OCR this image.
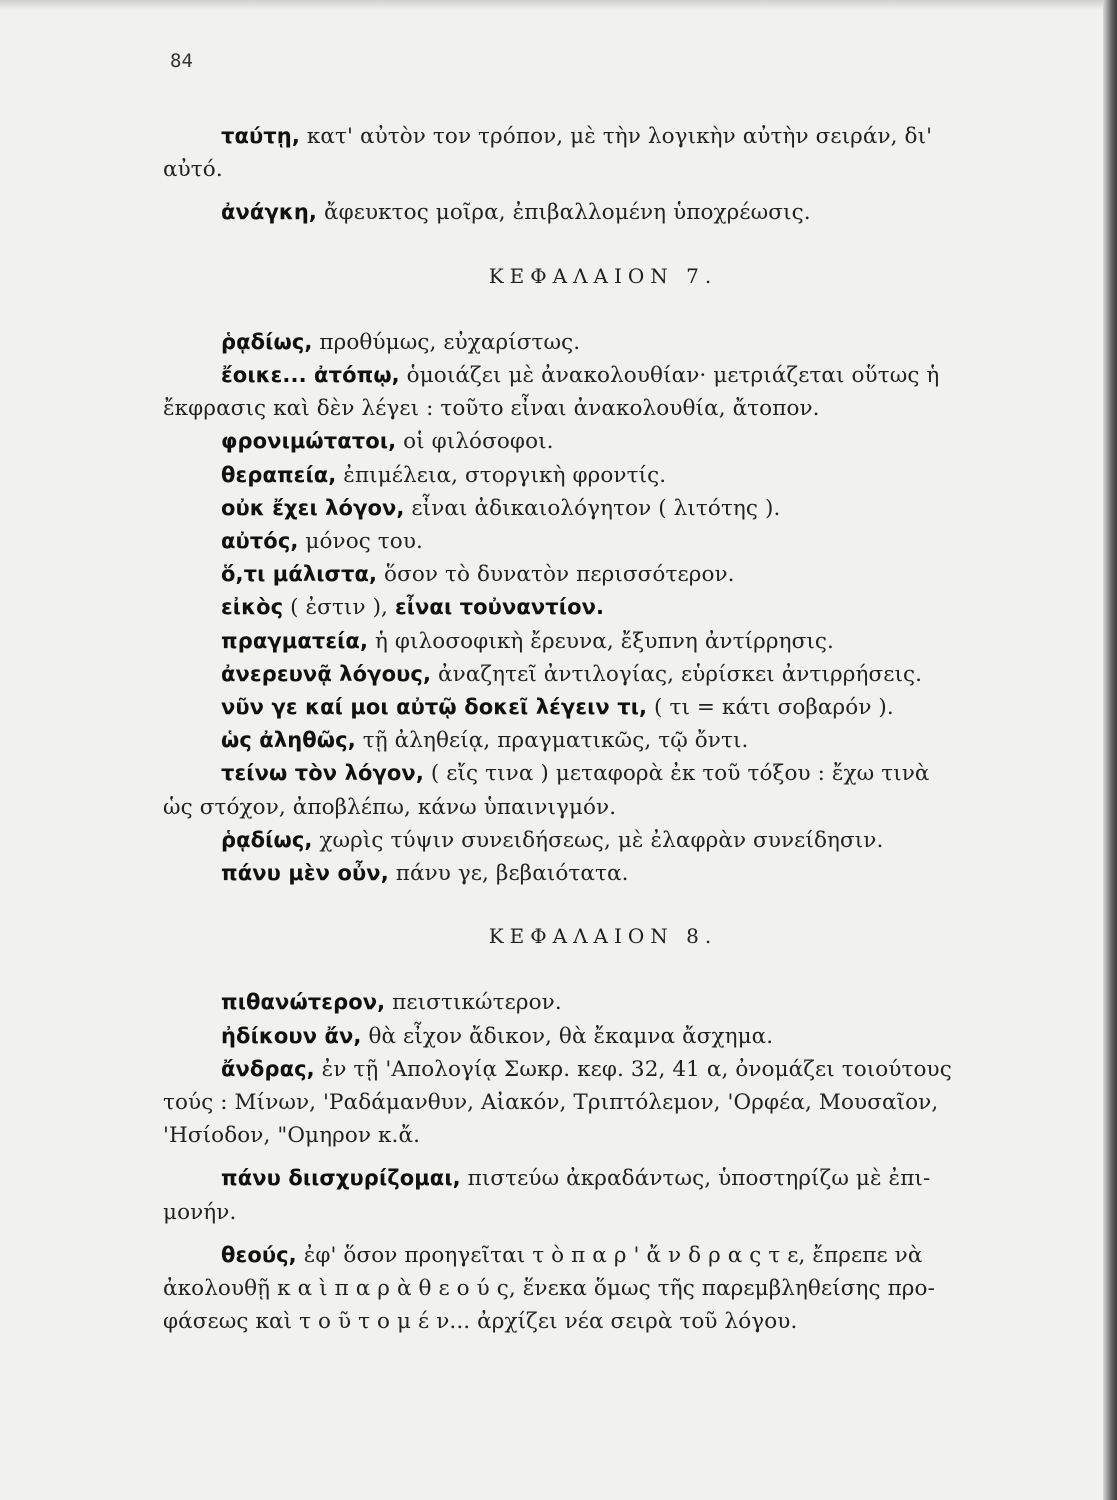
84

ταύτῃ, κατ' αὐτὸν τον τρόπον, μὲ τὴν λογικὴν αὐτὴν σειράν, δι'

αὐτό.

ἀνάγκη, ἄφευκτος μοῖρα, ἐπιβαλλομένη ὑποχρέωσις.

ΚΕΦΑΛΑΙΟΝ 7.

ῥᾳδίως, προθύμως, εὐχαρίστως.

ἔοικε... ἀτόπῳ, ὁμοιάζει μὲ ἀνακολουθίαν· μετριάζεται οὕτως ἡ

ἔκφρασις καὶ δὲν λέγει : τοῦτο εἶναι ἀνακολουθία, ἄτοπον.

φρονιμώτατοι, οἱ φιλόσοφοι.

θεραπεία, ἐπιμέλεια, στοργικὴ φροντίς.

οὐκ ἔχει λόγον, εἶναι ἀδικαιολόγητον ( λιτότης ).

αὐτός, μόνος του.

ὅ,τι μάλιστα, ὅσον τὸ δυνατὸν περισσότερον.

εἰκὸς ( ἐστιν ), εἶναι τοὐναντίον.

πραγματεία, ἡ φιλοσοφικὴ ἔρευνα, ἔξυπνη ἀντίρρησις.

ἀνερευνᾷ λόγους, ἀναζητεῖ ἀντιλογίας, εὑρίσκει ἀντιρρήσεις.

νῦν γε καί μοι αὐτῷ δοκεῖ λέγειν τι, ( τι = κάτι σοβαρόν ).

ὡς ἀληθῶς, τῇ ἀληθείᾳ, πραγματικῶς, τῷ ὄντι.

τείνω τὸν λόγον, ( εἴς τινα ) μεταφορὰ ἐκ τοῦ τόξου : ἔχω τινὰ

ὡς στόχον, ἀποβλέπω, κάνω ὑπαινιγμόν.

ῥᾳδίως, χωρὶς τύψιν συνειδήσεως, μὲ ἐλαφρὰν συνείδησιν.

πάνυ μὲν οὖν, πάνυ γε, βεβαιότατα.

ΚΕΦΑΛΑΙΟΝ 8.

πιθανώτερον, πειστικώτερον.

ἠδίκουν ἄν, θὰ εἶχον ἄδικον, θὰ ἔκαμνα ἄσχημα.

ἄνδρας, ἐν τῇ 'Απολογίᾳ Σωκρ. κεφ. 32, 41 α, ὀνομάζει τοιούτους

τούς : Μίνων, 'Ραδάμανθυν, Αἰακόν, Τριπτόλεμον, 'Ορφέα, Μουσαῖον,

'Ησίοδον, "Ομηρον κ.ἄ.

πάνυ διισχυρίζομαι, πιστεύω ἀκραδάντως, ὑποστηρίζω μὲ ἐπι-

μονήν.

θεούς, ἐφ' ὅσον προηγεῖται τ ὸ π α ρ ' ἄ ν δ ρ α ς τ ε, ἔπρεπε νὰ

ἀκολουθῇ κ α ὶ π α ρ ὰ θ ε ο ύ ς, ἕνεκα ὅμως τῆς παρεμβληθείσης προ-

φάσεως καὶ τ ο ῦ τ ο μ έ ν... ἀρχίζει νέα σειρὰ τοῦ λόγου.
